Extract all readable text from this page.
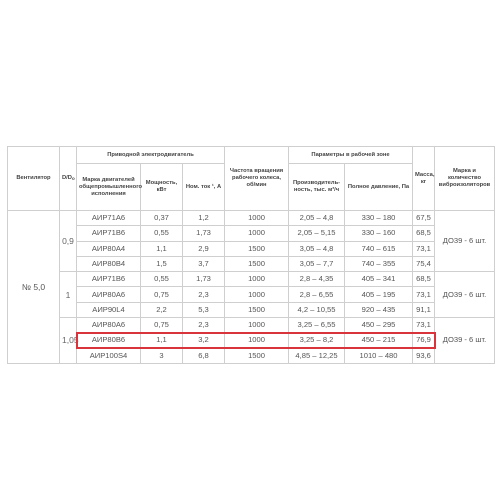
Вентилятор	$D/D_o$	Приводной электродвигатель			Частота вращения рабочего колеса, об/мин	Параметры в рабочей зоне		Масса, кг	Марка и количество виброизоляторов
		Марка двигателей общепромышленного исполнения	Мощность, кВт	Ном. ток ¹, А		Производитель-ность, тыс. м³/ч	Полное давление, Па		
№ 5,0	0,9	АИР71А6	0,37	1,2	1000	2,05 – 4,8	330 – 180	67,5	ДО39 - 6 шт.
		АИР71В6	0,55	1,73	1000	2,05 – 5,15	330 – 160	68,5	
		АИР80А4	1,1	2,9	1500	3,05 – 4,8	740 – 615	73,1	
		АИР80В4	1,5	3,7	1500	3,05 – 7,7	740 – 355	75,4	
	1	АИР71В6	0,55	1,73	1000	2,8 – 4,35	405 – 341	68,5	ДО39 - 6 шт.
		АИР80А6	0,75	2,3	1000	2,8 – 6,55	405 – 195	73,1	
		АИР90L4	2,2	5,3	1500	4,2 – 10,55	920 – 435	91,1	
	1,05	АИР80А6	0,75	2,3	1000	3,25 – 6,55	450 – 295	73,1	ДО39 - 6 шт.
		АИР80В6	1,1	3,2	1000	3,25 – 8,2	450 – 215	76,9	
		АИР100S4	3	6,8	1500	4,85 – 12,25	1010 – 480	93,6	
